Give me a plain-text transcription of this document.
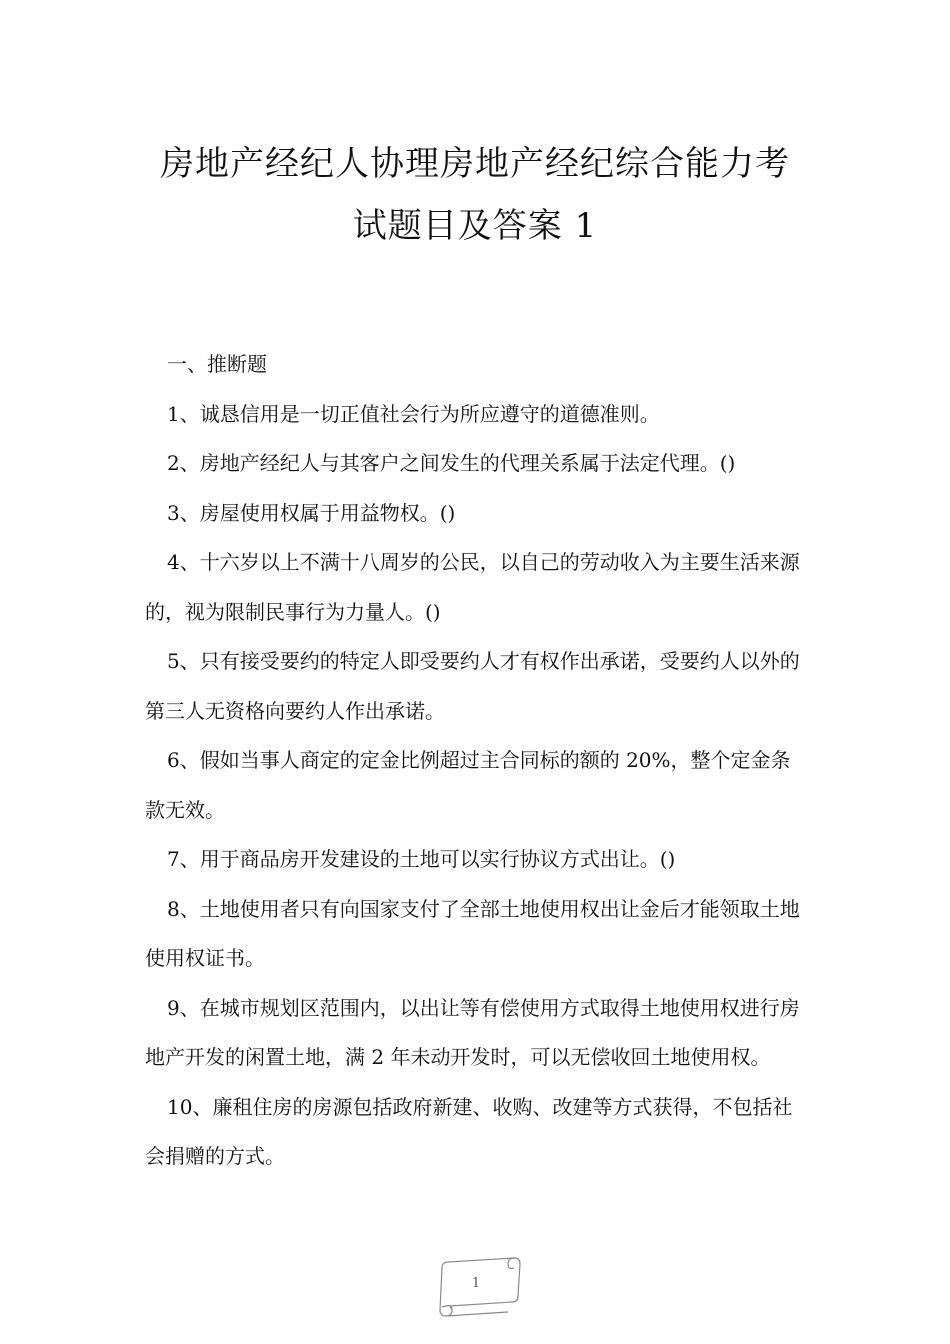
房地产经纪人协理房地产经纪综合能力考
试题目及答案 1

一、推断题

1、诚恳信用是一切正值社会行为所应遵守的道德准则。

2、房地产经纪人与其客户之间发生的代理关系属于法定代理。()

3、房屋使用权属于用益物权。()

4、十六岁以上不满十八周岁的公民，以自己的劳动收入为主要生活来源的，视为限制民事行为力量人。()

5、只有接受要约的特定人即受要约人才有权作出承诺，受要约人以外的第三人无资格向要约人作出承诺。

6、假如当事人商定的定金比例超过主合同标的额的 20%，整个定金条款无效。

7、用于商品房开发建设的土地可以实行协议方式出让。()

8、土地使用者只有向国家支付了全部土地使用权出让金后才能领取土地使用权证书。

9、在城市规划区范围内，以出让等有偿使用方式取得土地使用权进行房地产开发的闲置土地，满 2 年未动开发时，可以无偿收回土地使用权。

10、廉租住房的房源包括政府新建、收购、改建等方式获得，不包括社会捐赠的方式。

1
